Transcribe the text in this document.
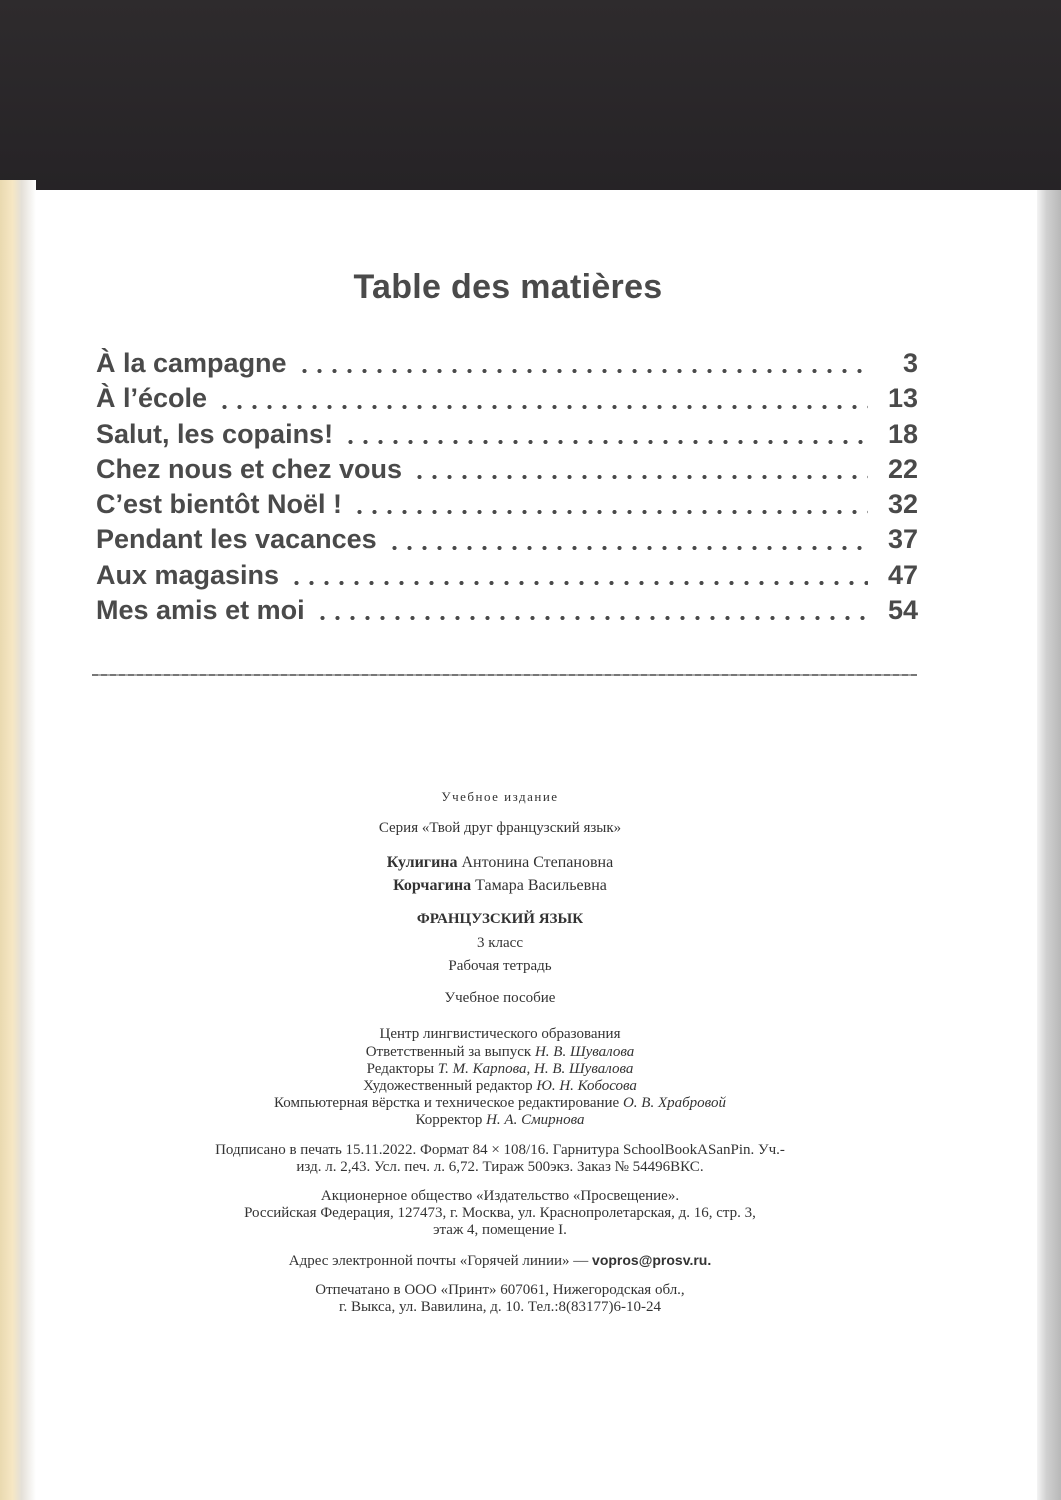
Table des matières
À la campagne	3
À l’école	13
Salut, les copains!	18
Chez nous et chez vous	22
C’est bientôt Noël !	32
Pendant les vacances	37
Aux magasins	47
Mes amis et moi	54
Учебное издание
Серия «Твой друг французский язык»
Кулигина Антонина Степановна
Корчагина Тамара Васильевна
ФРАНЦУЗСКИЙ ЯЗЫК
3 класс
Рабочая тетрадь
Учебное пособие
Центр лингвистического образования
Ответственный за выпуск Н. В. Шувалова
Редакторы Т. М. Карпова, Н. В. Шувалова
Художественный редактор Ю. Н. Кобосова
Компьютерная вёрстка и техническое редактирование О. В. Храбровой
Корректор Н. А. Смирнова
Подписано в печать 15.11.2022. Формат 84 × 108/16. Гарнитура SchoolBookASanPin. Уч.-
изд. л. 2,43. Усл. печ. л. 6,72. Тираж 500экз. Заказ № 54496ВКС.
Акционерное общество «Издательство «Просвещение».
Российская Федерация, 127473, г. Москва, ул. Краснопролетарская, д. 16, стр. 3,
этаж 4, помещение I.
Адрес электронной почты «Горячей линии» — vopros@prosv.ru.
Отпечатано в ООО «Принт» 607061, Нижегородская обл.,
г. Выкса, ул. Вавилина, д. 10. Тел.:8(83177)6-10-24
